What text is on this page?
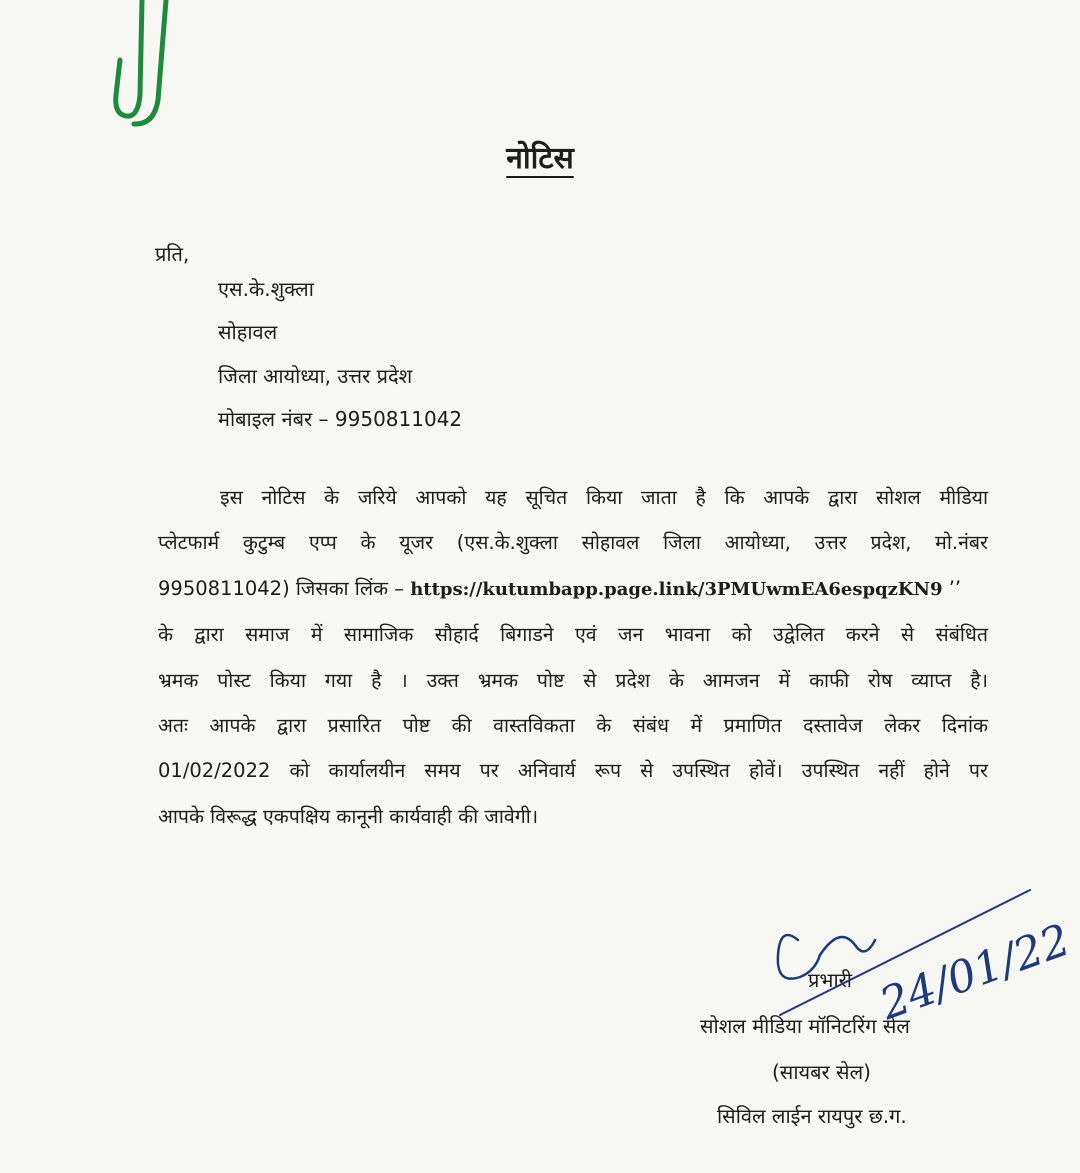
नोटिस
प्रति,
एस.के.शुक्ला
सोहावल
जिला आयोध्या, उत्तर प्रदेश
मोबाइल नंबर – 9950811042
इस नोटिस के जरिये आपको यह सूचित किया जाता है कि आपके द्वारा सोशल मीडिया
प्लेटफार्म कुटुम्ब एप्प के यूजर (एस.के.शुक्ला सोहावल जिला आयोध्या, उत्तर प्रदेश, मो.नंबर
9950811042) जिसका लिंक – https://kutumbapp.page.link/3PMUwmEA6espqzKN9 ’’
के द्वारा समाज में सामाजिक सौहार्द बिगाडने एवं जन भावना को उद्वेलित करने से संबंधित
भ्रमक पोस्ट किया गया है । उक्त भ्रमक पोष्ट से प्रदेश के आमजन में काफी रोष व्याप्त है।
अतः आपके द्वारा प्रसारित पोष्ट की वास्तविकता के संबंध में प्रमाणित दस्तावेज लेकर दिनांक
01/02/2022 को कार्यालयीन समय पर अनिवार्य रूप से उपस्थित होवें। उपस्थित नहीं होने पर
आपके विरूद्ध एकपक्षिय कानूनी कार्यवाही की जावेगी।
प्रभारी
सोशल मीडिया मॉनिटरिंग सेल
(सायबर सेल)
सिविल लाईन रायपुर छ.ग.
24/01/22
